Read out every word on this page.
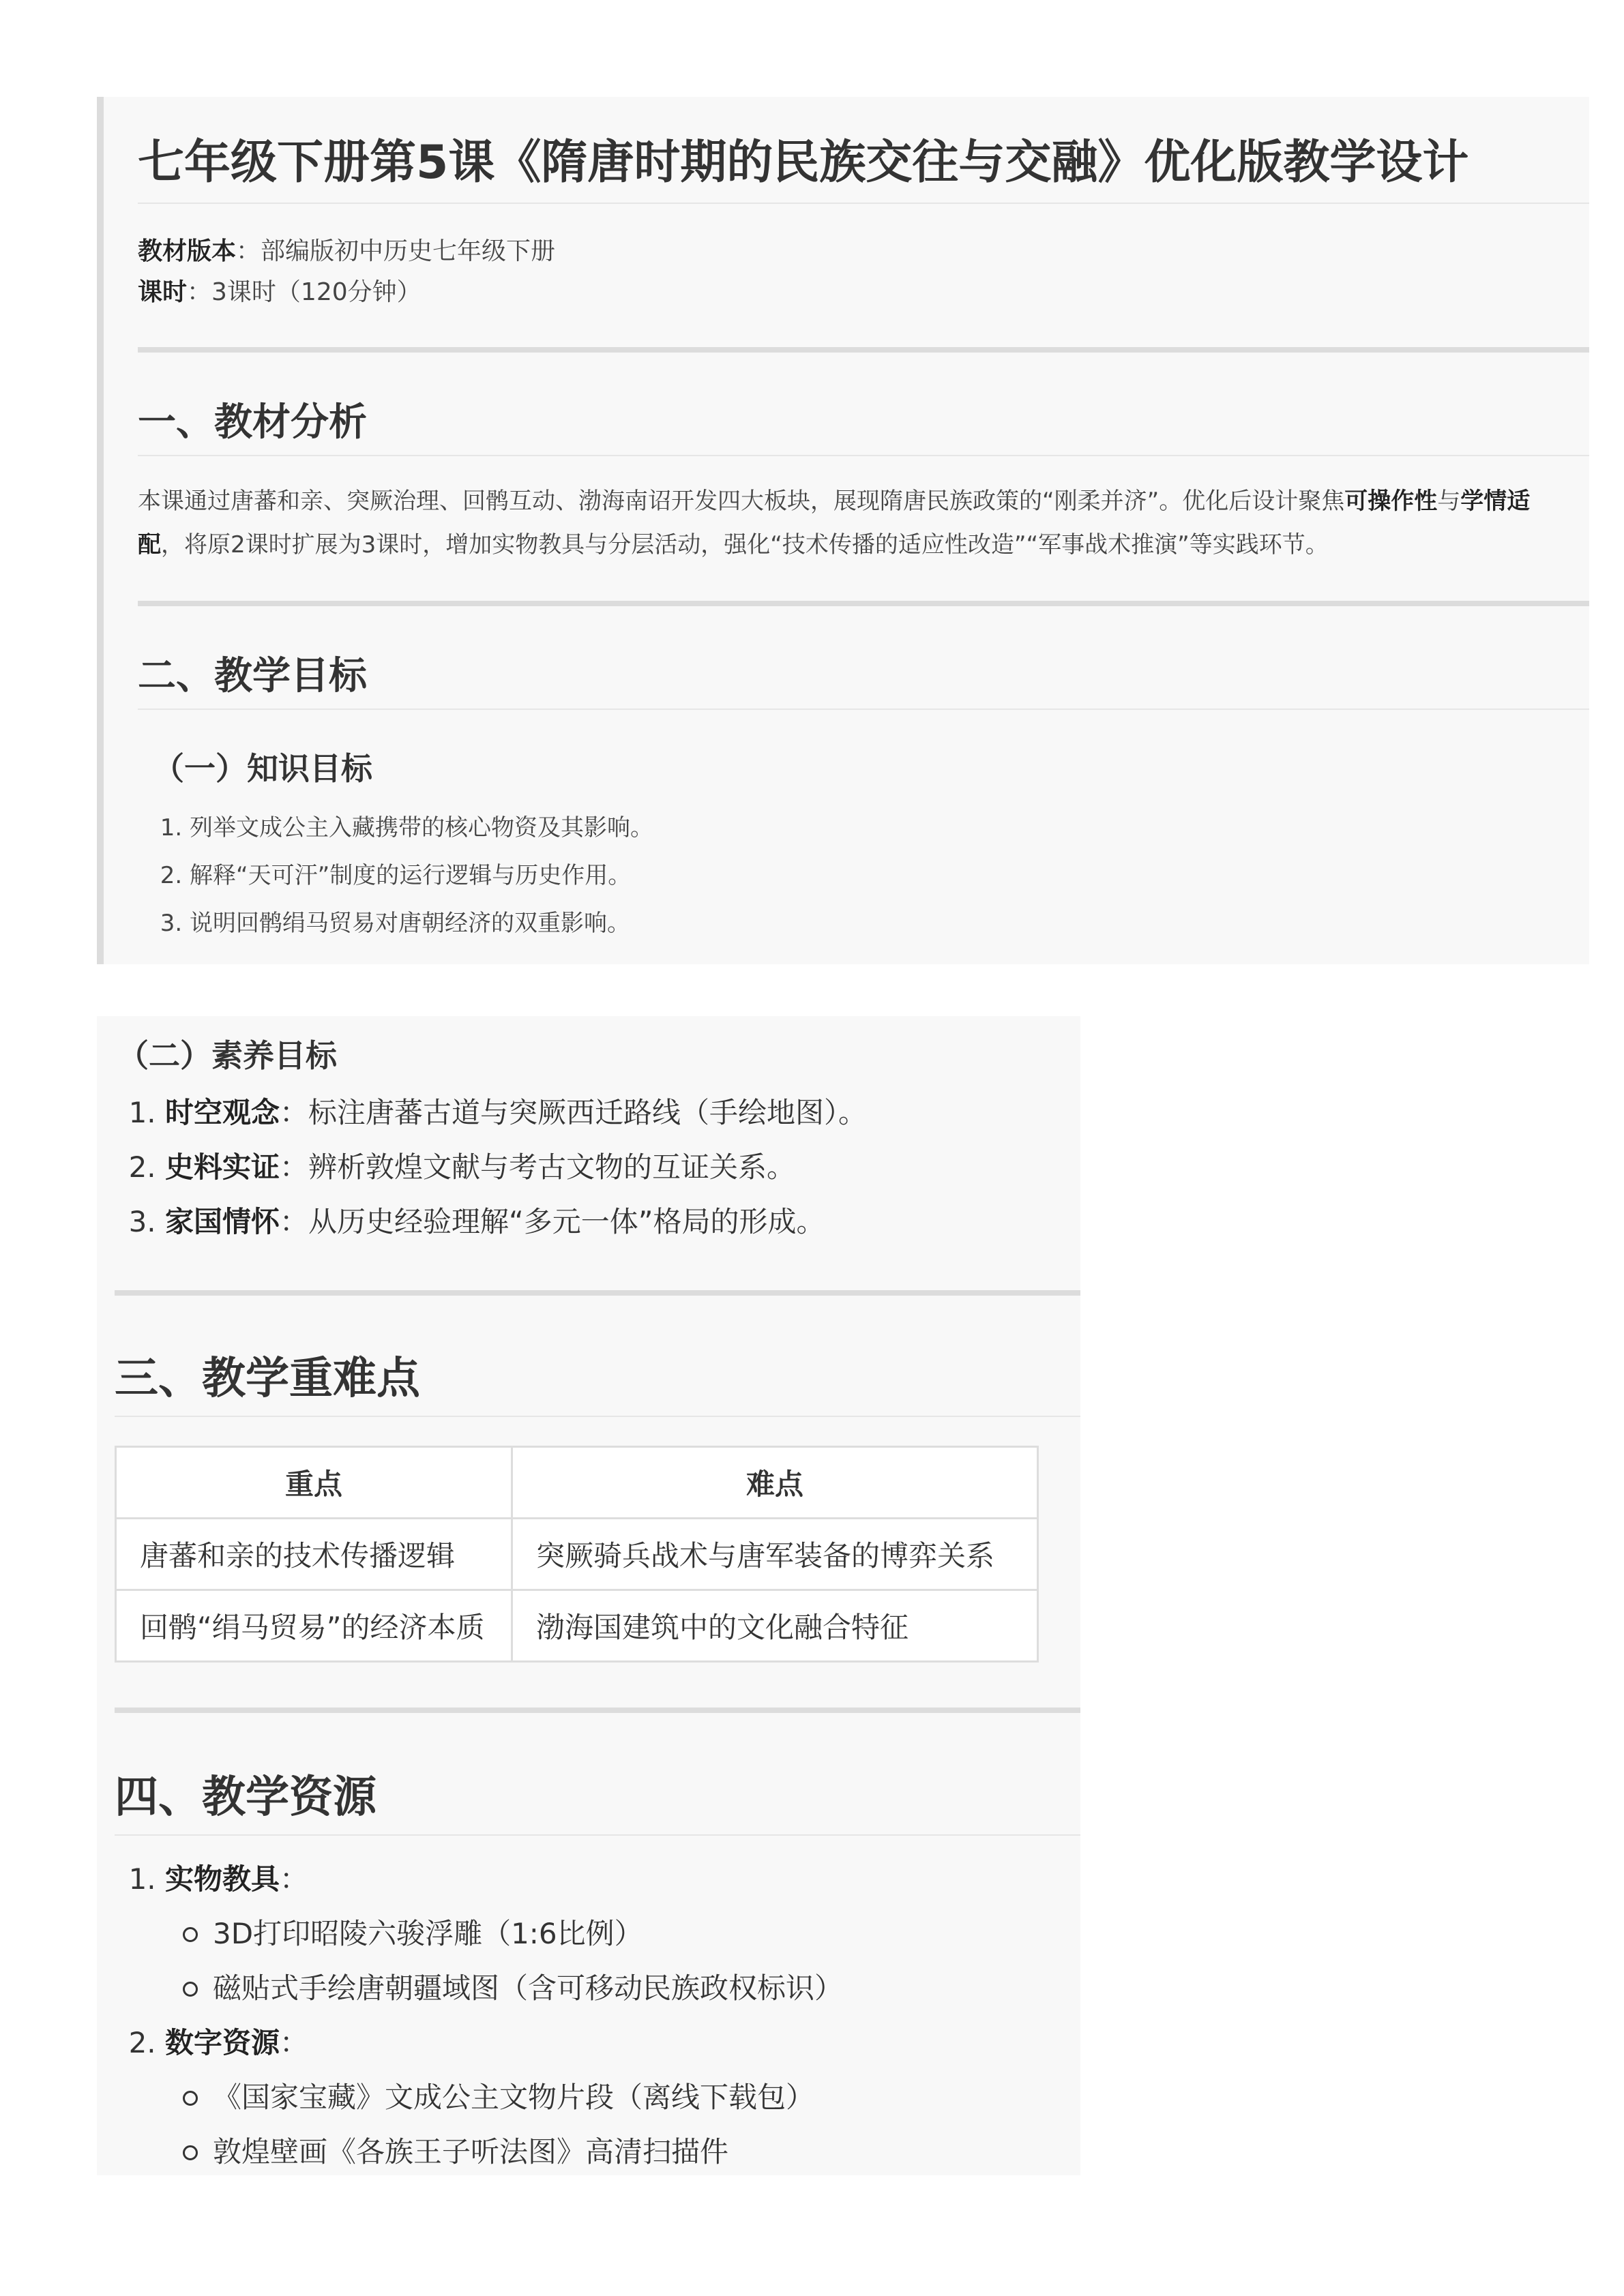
七年级下册第5课《隋唐时期的民族交往与交融》优化版教学设计
教材版本：部编版初中历史七年级下册
课时：3课时（120分钟）
一、教材分析

本课通过唐蕃和亲、突厥治理、回鹘互动、渤海南诏开发四大板块，展现隋唐民族政策的“刚柔并济”。优化后设计聚焦可操作性与学情适配，将原2课时扩展为3课时，增加实物教具与分层活动，强化“技术传播的适应性改造”“军事战术推演”等实践环节。

二、教学目标
（一）知识目标
1. 列举文成公主入藏携带的核心物资及其影响。
2. 解释“天可汗”制度的运行逻辑与历史作用。
3. 说明回鹘绢马贸易对唐朝经济的双重影响。
（二）素养目标
1. 时空观念：标注唐蕃古道与突厥西迁路线（手绘地图）。
2. 史料实证：辨析敦煌文献与考古文物的互证关系。
3. 家国情怀：从历史经验理解“多元一体”格局的形成。
三、教学重难点
重点	难点
唐蕃和亲的技术传播逻辑	突厥骑兵战术与唐军装备的博弈关系
回鹘“绢马贸易”的经济本质	渤海国建筑中的文化融合特征
四、教学资源
1. 实物教具：
3D打印昭陵六骏浮雕（1:6比例）
磁贴式手绘唐朝疆域图（含可移动民族政权标识）
2. 数字资源：
《国家宝藏》文成公主文物片段（离线下载包）
敦煌壁画《各族王子听法图》高清扫描件
